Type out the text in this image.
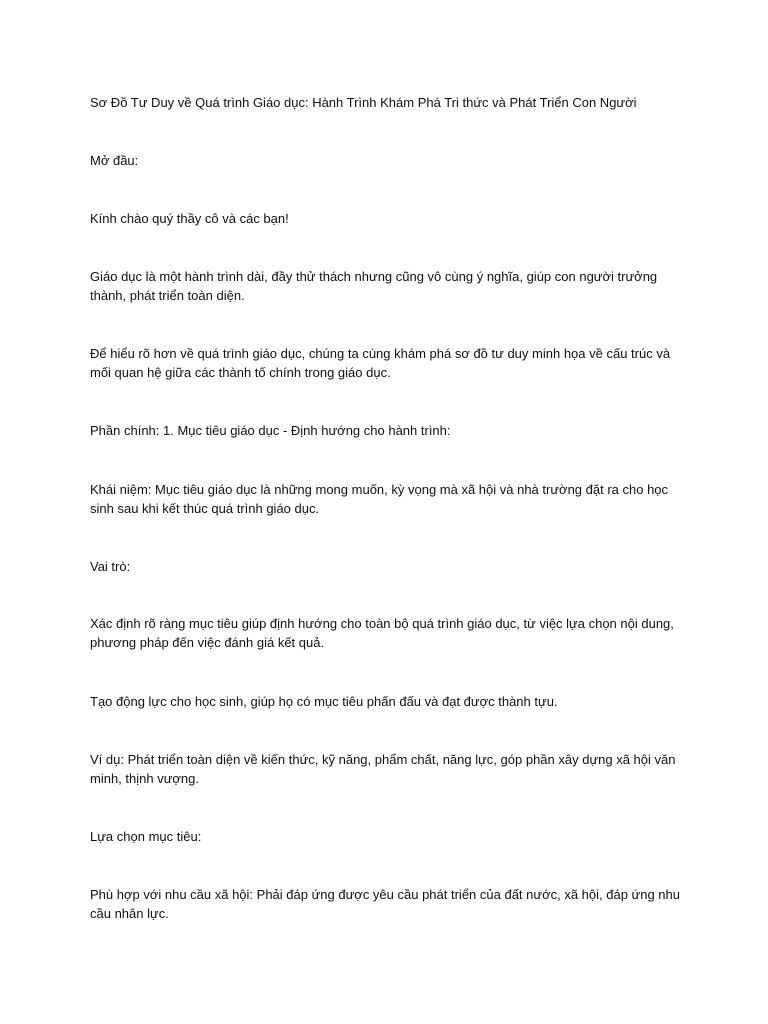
Sơ Đồ Tư Duy về Quá trình Giáo dục: Hành Trình Khám Phá Tri thức và Phát Triển Con Người

Mở đầu:

Kính chào quý thầy cô và các bạn!

Giáo dục là một hành trình dài, đầy thử thách nhưng cũng vô cùng ý nghĩa, giúp con người trưởng thành, phát triển toàn diện.

Để hiểu rõ hơn về quá trình giáo dục, chúng ta cùng khám phá sơ đồ tư duy minh họa về cấu trúc và mối quan hệ giữa các thành tố chính trong giáo dục.

Phần chính: 1. Mục tiêu giáo dục - Định hướng cho hành trình:

Khái niệm: Mục tiêu giáo dục là những mong muốn, kỳ vọng mà xã hội và nhà trường đặt ra cho học sinh sau khi kết thúc quá trình giáo dục.

Vai trò:

Xác định rõ ràng mục tiêu giúp định hướng cho toàn bộ quá trình giáo dục, từ việc lựa chọn nội dung, phương pháp đến việc đánh giá kết quả.

Tạo động lực cho học sinh, giúp họ có mục tiêu phấn đấu và đạt được thành tựu.

Ví dụ: Phát triển toàn diện về kiến thức, kỹ năng, phẩm chất, năng lực, góp phần xây dựng xã hội văn minh, thịnh vượng.

Lựa chọn mục tiêu:

Phù hợp với nhu cầu xã hội: Phải đáp ứng được yêu cầu phát triển của đất nước, xã hội, đáp ứng nhu cầu nhân lực.
